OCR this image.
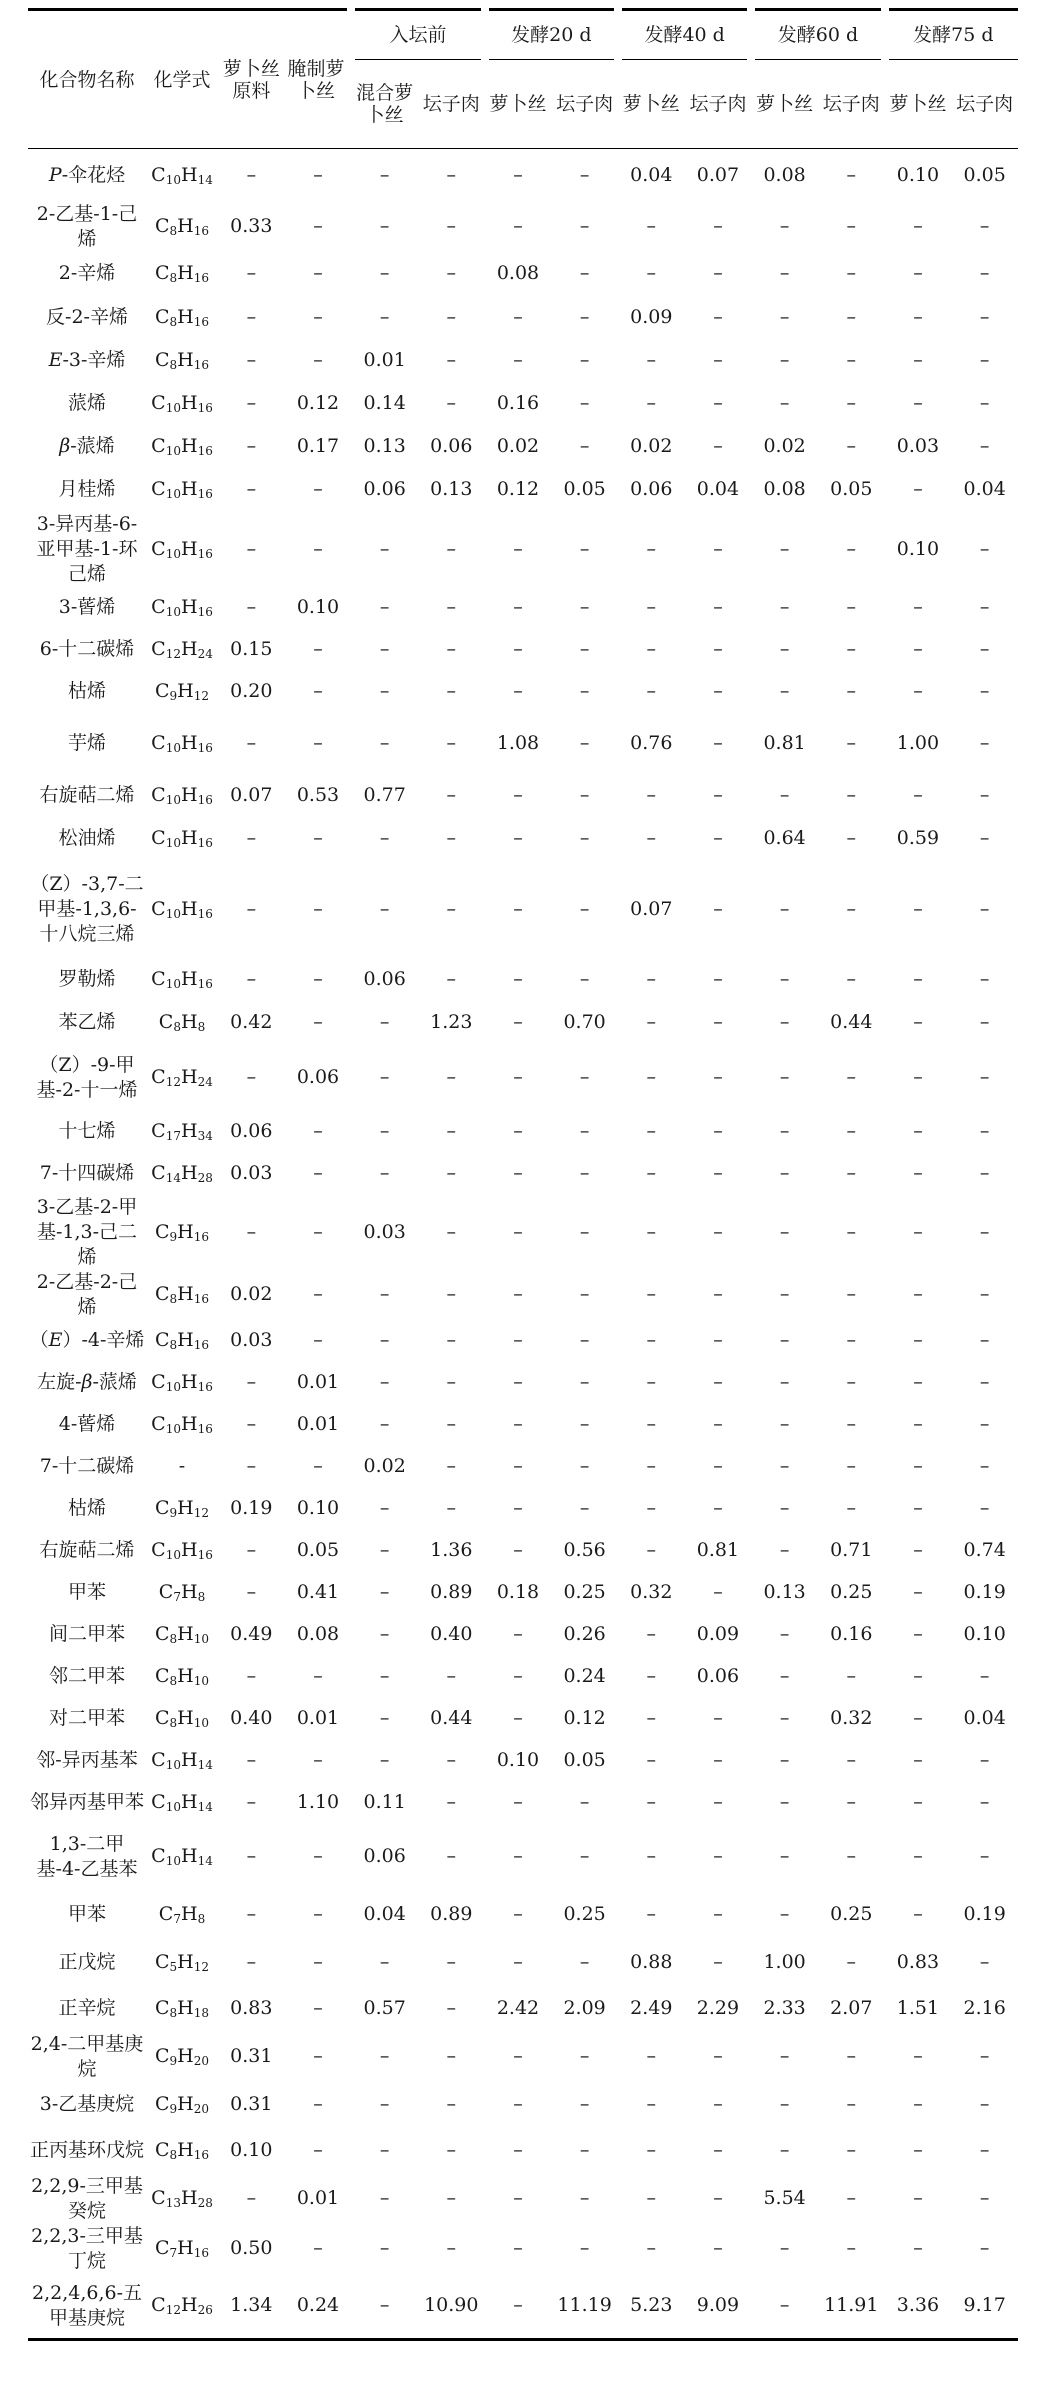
化合物名称	化学式	萝卜丝原料	腌制萝卜丝	入坛前		发酵20 d		发酵40 d		发酵60 d		发酵75 d	
				混合萝卜丝	坛子肉	萝卜丝	坛子肉	萝卜丝	坛子肉	萝卜丝	坛子肉	萝卜丝	坛子肉
P-伞花烃	$C_{10}H_{14}$	–	–	–	–	–	–	0.04	0.07	0.08	–	0.10	0.05
2-乙基-1-己烯	$C_8H_{16}$	0.33	–	–	–	–	–	–	–	–	–	–	–
2-辛烯	$C_8H_{16}$	–	–	–	–	0.08	–	–	–	–	–	–	–
反-2-辛烯	$C_8H_{16}$	–	–	–	–	–	–	0.09	–	–	–	–	–
E-3-辛烯	$C_8H_{16}$	–	–	0.01	–	–	–	–	–	–	–	–	–
蒎烯	$C_{10}H_{16}$	–	0.12	0.14	–	0.16	–	–	–	–	–	–	–
β-蒎烯	$C_{10}H_{16}$	–	0.17	0.13	0.06	0.02	–	0.02	–	0.02	–	0.03	–
月桂烯	$C_{10}H_{16}$	–	–	0.06	0.13	0.12	0.05	0.06	0.04	0.08	0.05	–	0.04
3-异丙基-6-亚甲基-1-环己烯	$C_{10}H_{16}$	–	–	–	–	–	–	–	–	–	–	0.10	–
3-蒈烯	$C_{10}H_{16}$	–	0.10	–	–	–	–	–	–	–	–	–	–
6-十二碳烯	$C_{12}H_{24}$	0.15	–	–	–	–	–	–	–	–	–	–	–
枯烯	$C_9H_{12}$	0.20	–	–	–	–	–	–	–	–	–	–	–
芋烯	$C_{10}H_{16}$	–	–	–	–	1.08	–	0.76	–	0.81	–	1.00	–
右旋萜二烯	$C_{10}H_{16}$	0.07	0.53	0.77	–	–	–	–	–	–	–	–	–
松油烯	$C_{10}H_{16}$	–	–	–	–	–	–	–	–	0.64	–	0.59	–
（Z）-3,7-二甲基-1,3,6-十八烷三烯	$C_{10}H_{16}$	–	–	–	–	–	–	0.07	–	–	–	–	–
罗勒烯	$C_{10}H_{16}$	–	–	0.06	–	–	–	–	–	–	–	–	–
苯乙烯	$C_8H_8$	0.42	–	–	1.23	–	0.70	–	–	–	0.44	–	–
（Z）-9-甲基-2-十一烯	$C_{12}H_{24}$	–	0.06	–	–	–	–	–	–	–	–	–	–
十七烯	$C_{17}H_{34}$	0.06	–	–	–	–	–	–	–	–	–	–	–
7-十四碳烯	$C_{14}H_{28}$	0.03	–	–	–	–	–	–	–	–	–	–	–
3-乙基-2-甲基-1,3-己二烯	$C_9H_{16}$	–	–	0.03	–	–	–	–	–	–	–	–	–
2-乙基-2-己烯	$C_8H_{16}$	0.02	–	–	–	–	–	–	–	–	–	–	–
（E）-4-辛烯	$C_8H_{16}$	0.03	–	–	–	–	–	–	–	–	–	–	–
左旋-β-蒎烯	$C_{10}H_{16}$	–	0.01	–	–	–	–	–	–	–	–	–	–
4-蒈烯	$C_{10}H_{16}$	–	0.01	–	–	–	–	–	–	–	–	–	–
7-十二碳烯	-	–	–	0.02	–	–	–	–	–	–	–	–	–
枯烯	$C_9H_{12}$	0.19	0.10	–	–	–	–	–	–	–	–	–	–
右旋萜二烯	$C_{10}H_{16}$	–	0.05	–	1.36	–	0.56	–	0.81	–	0.71	–	0.74
甲苯	$C_7H_8$	–	0.41	–	0.89	0.18	0.25	0.32	–	0.13	0.25	–	0.19
间二甲苯	$C_8H_{10}$	0.49	0.08	–	0.40	–	0.26	–	0.09	–	0.16	–	0.10
邻二甲苯	$C_8H_{10}$	–	–	–	–	–	0.24	–	0.06	–	–	–	–
对二甲苯	$C_8H_{10}$	0.40	0.01	–	0.44	–	0.12	–	–	–	0.32	–	0.04
邻-异丙基苯	$C_{10}H_{14}$	–	–	–	–	0.10	0.05	–	–	–	–	–	–
邻异丙基甲苯	$C_{10}H_{14}$	–	1.10	0.11	–	–	–	–	–	–	–	–	–
1,3-二甲基-4-乙基苯	$C_{10}H_{14}$	–	–	0.06	–	–	–	–	–	–	–	–	–
甲苯	$C_7H_8$	–	–	0.04	0.89	–	0.25	–	–	–	0.25	–	0.19
正戊烷	$C_5H_{12}$	–	–	–	–	–	–	0.88	–	1.00	–	0.83	–
正辛烷	$C_8H_{18}$	0.83	–	0.57	–	2.42	2.09	2.49	2.29	2.33	2.07	1.51	2.16
2,4-二甲基庚烷	$C_9H_{20}$	0.31	–	–	–	–	–	–	–	–	–	–	–
3-乙基庚烷	$C_9H_{20}$	0.31	–	–	–	–	–	–	–	–	–	–	–
正丙基环戊烷	$C_8H_{16}$	0.10	–	–	–	–	–	–	–	–	–	–	–
2,2,9-三甲基癸烷	$C_{13}H_{28}$	–	0.01	–	–	–	–	–	–	5.54	–	–	–
2,2,3-三甲基丁烷	$C_7H_{16}$	0.50	–	–	–	–	–	–	–	–	–	–	–
2,2,4,6,6-五甲基庚烷	$C_{12}H_{26}$	1.34	0.24	–	10.90	–	11.19	5.23	9.09	–	11.91	3.36	9.17
